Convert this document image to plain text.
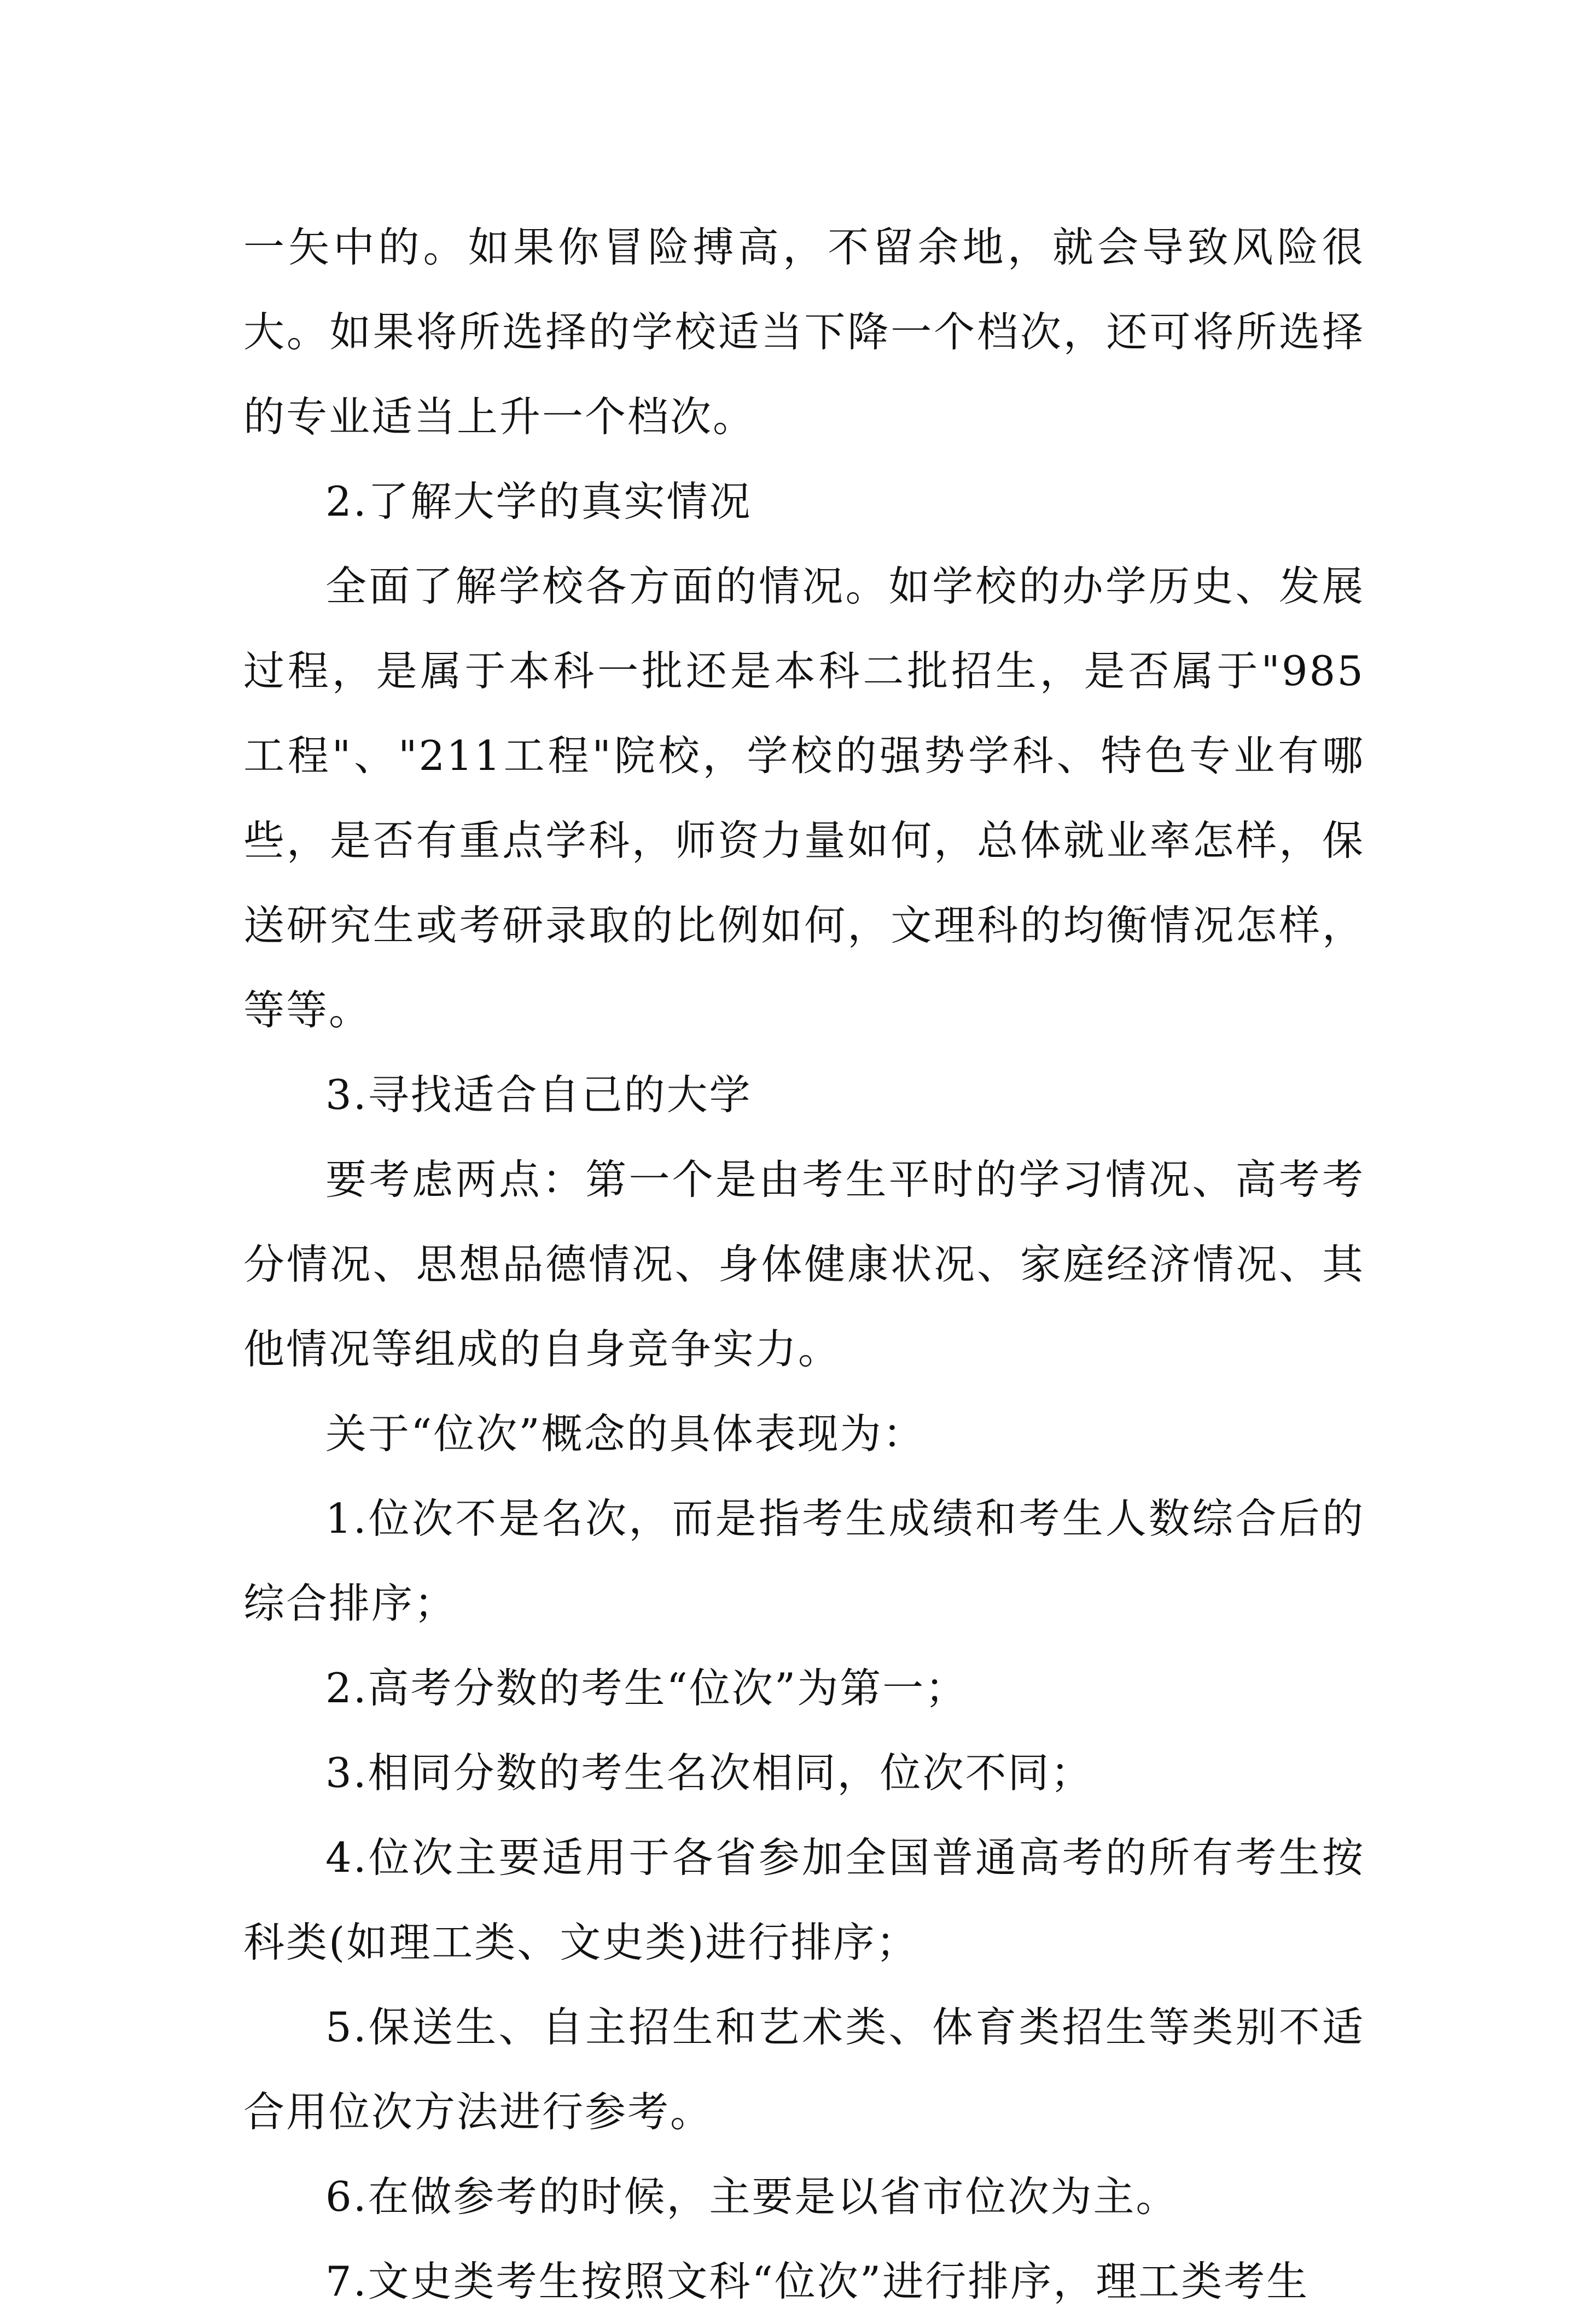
一矢中的。如果你冒险搏高，不留余地，就会导致风险很大。如果将所选择的学校适当下降一个档次，还可将所选择的专业适当上升一个档次。

2.了解大学的真实情况

全面了解学校各方面的情况。如学校的办学历史、发展过程，是属于本科一批还是本科二批招生，是否属于"985工程"、"211工程"院校，学校的强势学科、特色专业有哪些，是否有重点学科，师资力量如何，总体就业率怎样，保送研究生或考研录取的比例如何，文理科的均衡情况怎样，等等。

3.寻找适合自己的大学

要考虑两点：第一个是由考生平时的学习情况、高考考分情况、思想品德情况、身体健康状况、家庭经济情况、其他情况等组成的自身竞争实力。

关于“位次”概念的具体表现为：

1.位次不是名次，而是指考生成绩和考生人数综合后的综合排序；

2.高考分数的考生“位次”为第一；

3.相同分数的考生名次相同，位次不同；

4.位次主要适用于各省参加全国普通高考的所有考生按科类(如理工类、文史类)进行排序；

5.保送生、自主招生和艺术类、体育类招生等类别不适合用位次方法进行参考。

6.在做参考的时候，主要是以省市位次为主。

7.文史类考生按照文科“位次”进行排序，理工类考生
